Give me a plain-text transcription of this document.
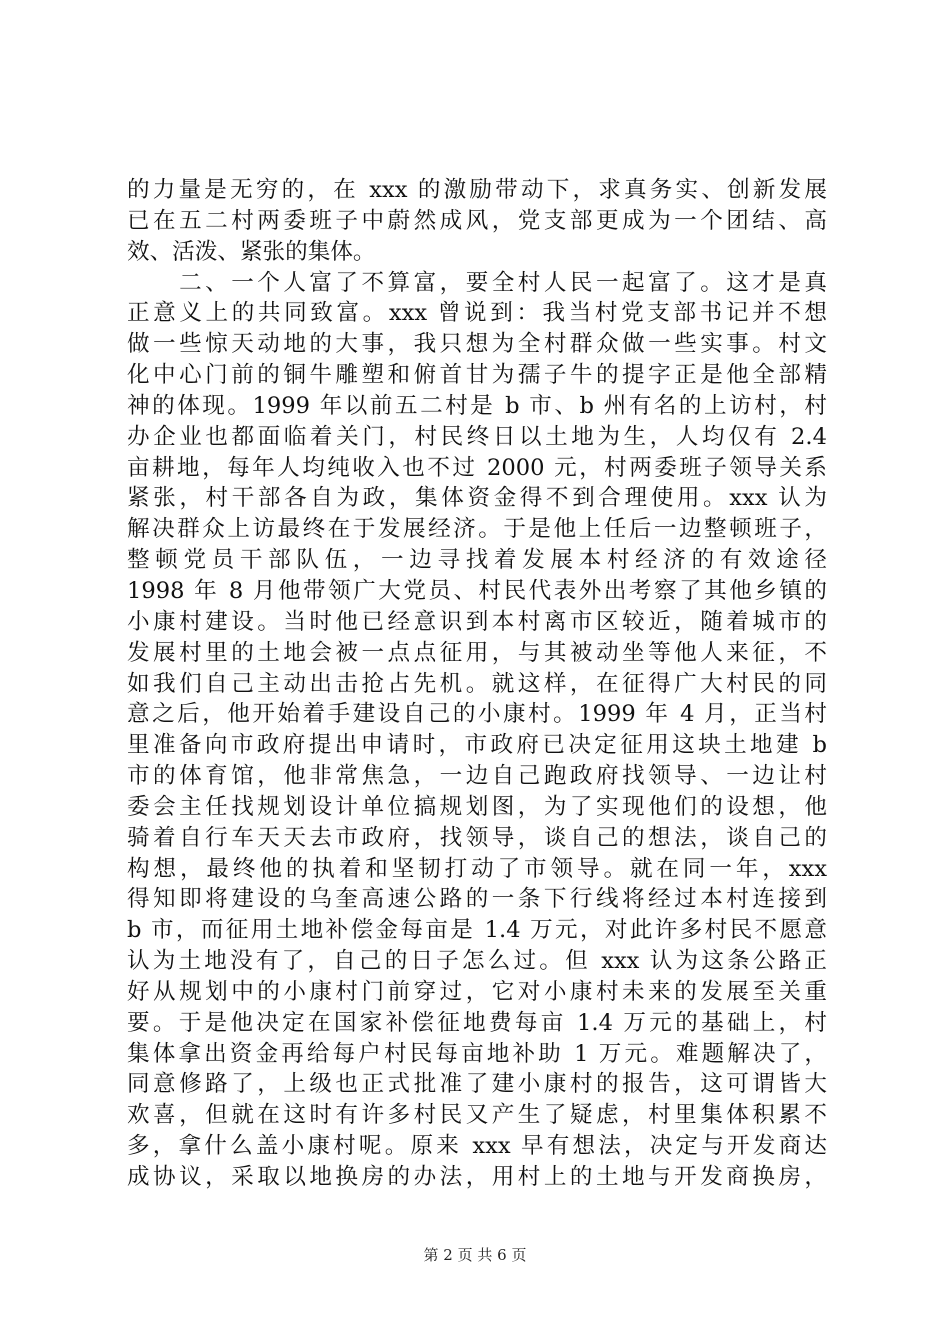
的力量是无穷的，在 xxx 的激励带动下，求真务实、创新发展
已在五二村两委班子中蔚然成风，党支部更成为一个团结、高
效、活泼、紧张的集体。
　　二、一个人富了不算富，要全村人民一起富了。这才是真
正意义上的共同致富。xxx 曾说到：我当村党支部书记并不想
做一些惊天动地的大事，我只想为全村群众做一些实事。村文
化中心门前的铜牛雕塑和俯首甘为孺子牛的提字正是他全部精
神的体现。1999 年以前五二村是 b 市、b 州有名的上访村，村
办企业也都面临着关门，村民终日以土地为生，人均仅有 2.4
亩耕地，每年人均纯收入也不过 2000 元，村两委班子领导关系
紧张，村干部各自为政，集体资金得不到合理使用。xxx 认为
解决群众上访最终在于发展经济。于是他上任后一边整顿班子，
整顿党员干部队伍，一边寻找着发展本村经济的有效途径
1998 年 8 月他带领广大党员、村民代表外出考察了其他乡镇的
小康村建设。当时他已经意识到本村离市区较近，随着城市的
发展村里的土地会被一点点征用，与其被动坐等他人来征，不
如我们自己主动出击抢占先机。就这样，在征得广大村民的同
意之后，他开始着手建设自己的小康村。1999 年 4 月，正当村
里准备向市政府提出申请时，市政府已决定征用这块土地建 b
市的体育馆，他非常焦急，一边自己跑政府找领导、一边让村
委会主任找规划设计单位搞规划图，为了实现他们的设想，他
骑着自行车天天去市政府，找领导，谈自己的想法，谈自己的
构想，最终他的执着和坚韧打动了市领导。就在同一年，xxx
得知即将建设的乌奎高速公路的一条下行线将经过本村连接到
b 市，而征用土地补偿金每亩是 1.4 万元，对此许多村民不愿意
认为土地没有了，自己的日子怎么过。但 xxx 认为这条公路正
好从规划中的小康村门前穿过，它对小康村未来的发展至关重
要。于是他决定在国家补偿征地费每亩 1.4 万元的基础上，村
集体拿出资金再给每户村民每亩地补助 1 万元。难题解决了，
同意修路了，上级也正式批准了建小康村的报告，这可谓皆大
欢喜，但就在这时有许多村民又产生了疑虑，村里集体积累不
多，拿什么盖小康村呢。原来 xxx 早有想法，决定与开发商达
成协议，采取以地换房的办法，用村上的土地与开发商换房，
第 2 页 共 6 页
